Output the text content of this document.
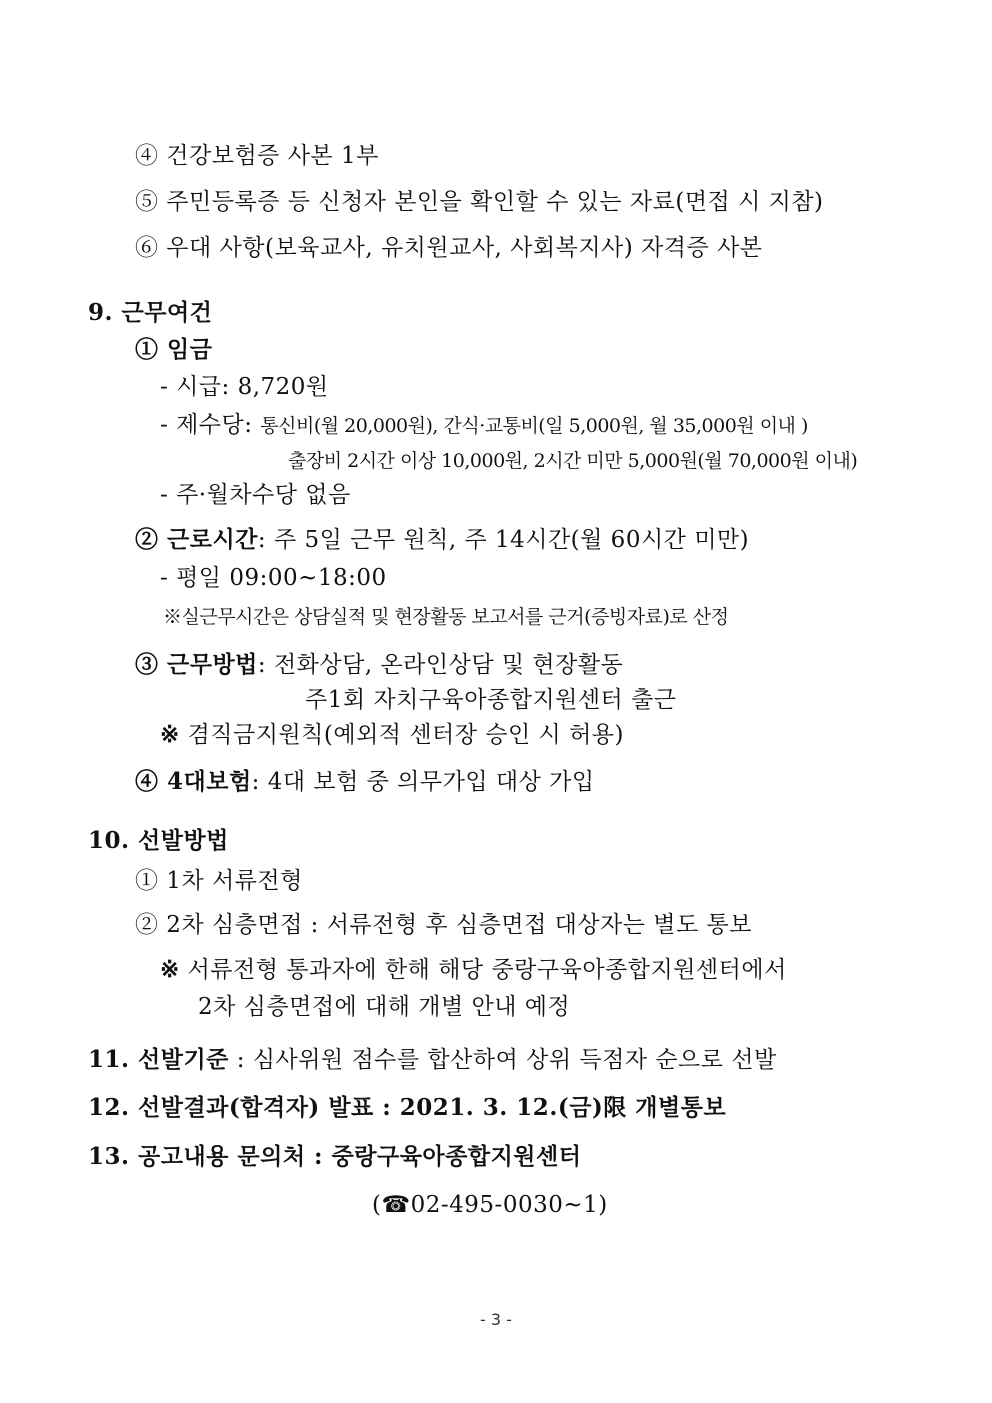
④ 건강보험증 사본 1부
⑤ 주민등록증 등 신청자 본인을 확인할 수 있는 자료(면접 시 지참)
⑥ 우대 사항(보육교사, 유치원교사, 사회복지사) 자격증 사본
9. 근무여건
① 임금
- 시급: 8,720원
- 제수당: 통신비(월 20,000원), 간식·교통비(일 5,000원, 월 35,000원 이내 )
출장비 2시간 이상 10,000원, 2시간 미만 5,000원(월 70,000원 이내)
- 주·월차수당 없음
② 근로시간: 주 5일 근무 원칙, 주 14시간(월 60시간 미만)
- 평일 09:00~18:00
※실근무시간은 상담실적 및 현장활동 보고서를 근거(증빙자료)로 산정
③ 근무방법: 전화상담, 온라인상담 및 현장활동
주1회 자치구육아종합지원센터 출근
※ 겸직금지원칙(예외적 센터장 승인 시 허용)
④ 4대보험: 4대 보험 중 의무가입 대상 가입
10. 선발방법
① 1차 서류전형
② 2차 심층면접 : 서류전형 후 심층면접 대상자는 별도 통보
※ 서류전형 통과자에 한해 해당 중랑구육아종합지원센터에서
2차 심층면접에 대해 개별 안내 예정
11. 선발기준 : 심사위원 점수를 합산하여 상위 득점자 순으로 선발
12. 선발결과(합격자) 발표 : 2021. 3. 12.(금)限 개별통보
13. 공고내용 문의처 : 중랑구육아종합지원센터
(☎02-495-0030~1)
- 3 -
